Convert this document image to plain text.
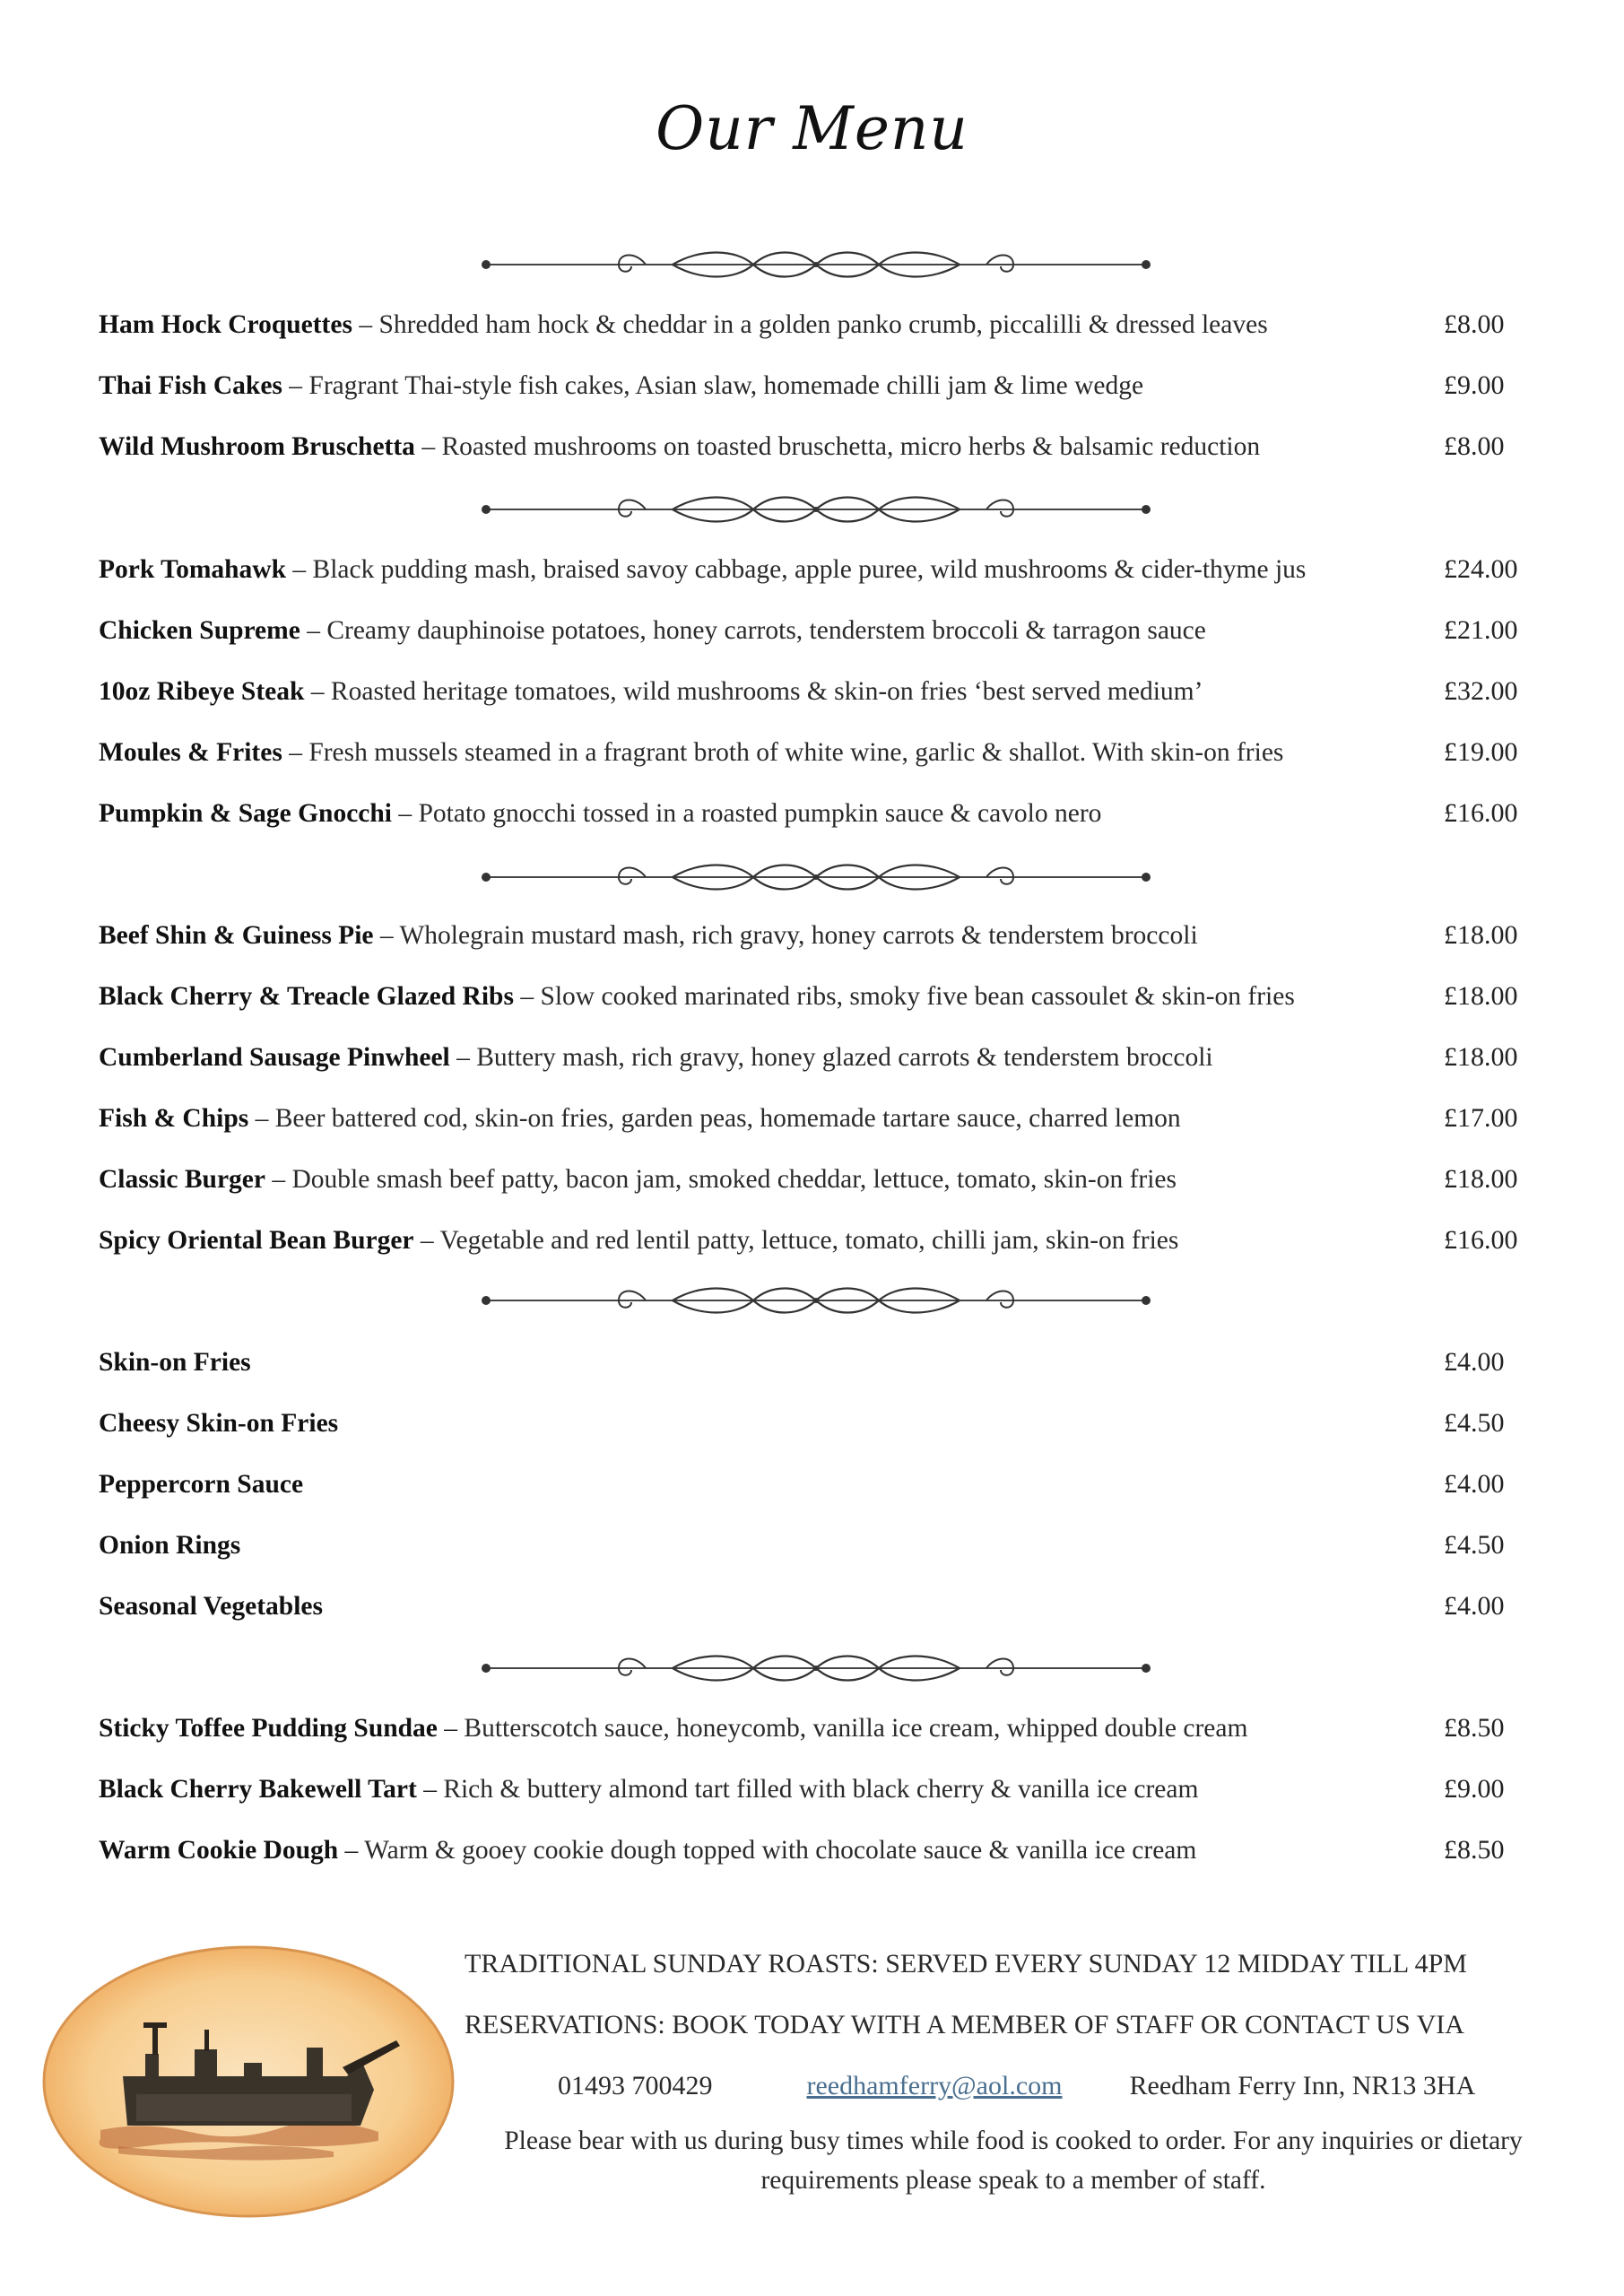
Our Menu
Ham Hock Croquettes – Shredded ham hock & cheddar in a golden panko crumb, piccalilli & dressed leaves	£8.00
Thai Fish Cakes – Fragrant Thai-style fish cakes, Asian slaw, homemade chilli jam & lime wedge	£9.00
Wild Mushroom Bruschetta – Roasted mushrooms on toasted bruschetta, micro herbs & balsamic reduction	£8.00
Pork Tomahawk – Black pudding mash, braised savoy cabbage, apple puree, wild mushrooms & cider-thyme jus	£24.00
Chicken Supreme – Creamy dauphinoise potatoes, honey carrots, tenderstem broccoli & tarragon sauce	£21.00
10oz Ribeye Steak – Roasted heritage tomatoes, wild mushrooms & skin-on fries ‘best served medium’	£32.00
Moules & Frites – Fresh mussels steamed in a fragrant broth of white wine, garlic & shallot. With skin-on fries	£19.00
Pumpkin & Sage Gnocchi – Potato gnocchi tossed in a roasted pumpkin sauce & cavolo nero	£16.00
Beef Shin & Guiness Pie – Wholegrain mustard mash, rich gravy, honey carrots & tenderstem broccoli	£18.00
Black Cherry & Treacle Glazed Ribs – Slow cooked marinated ribs, smoky five bean cassoulet & skin-on fries	£18.00
Cumberland Sausage Pinwheel – Buttery mash, rich gravy, honey glazed carrots & tenderstem broccoli	£18.00
Fish & Chips – Beer battered cod, skin-on fries, garden peas, homemade tartare sauce, charred lemon	£17.00
Classic Burger – Double smash beef patty, bacon jam, smoked cheddar, lettuce, tomato, skin-on fries	£18.00
Spicy Oriental Bean Burger – Vegetable and red lentil patty, lettuce, tomato, chilli jam, skin-on fries	£16.00
Skin-on Fries	£4.00
Cheesy Skin-on Fries	£4.50
Peppercorn Sauce	£4.00
Onion Rings	£4.50
Seasonal Vegetables	£4.00
Sticky Toffee Pudding Sundae – Butterscotch sauce, honeycomb, vanilla ice cream, whipped double cream	£8.50
Black Cherry Bakewell Tart – Rich & buttery almond tart filled with black cherry & vanilla ice cream	£9.00
Warm Cookie Dough – Warm & gooey cookie dough topped with chocolate sauce & vanilla ice cream	£8.50
TRADITIONAL SUNDAY ROASTS: SERVED EVERY SUNDAY 12 MIDDAY TILL 4PM
RESERVATIONS: BOOK TODAY WITH A MEMBER OF STAFF OR CONTACT US VIA
01493 700429	reedhamferry@aol.com	Reedham Ferry Inn, NR13 3HA
Please bear with us during busy times while food is cooked to order. For any inquiries or dietary requirements please speak to a member of staff.
